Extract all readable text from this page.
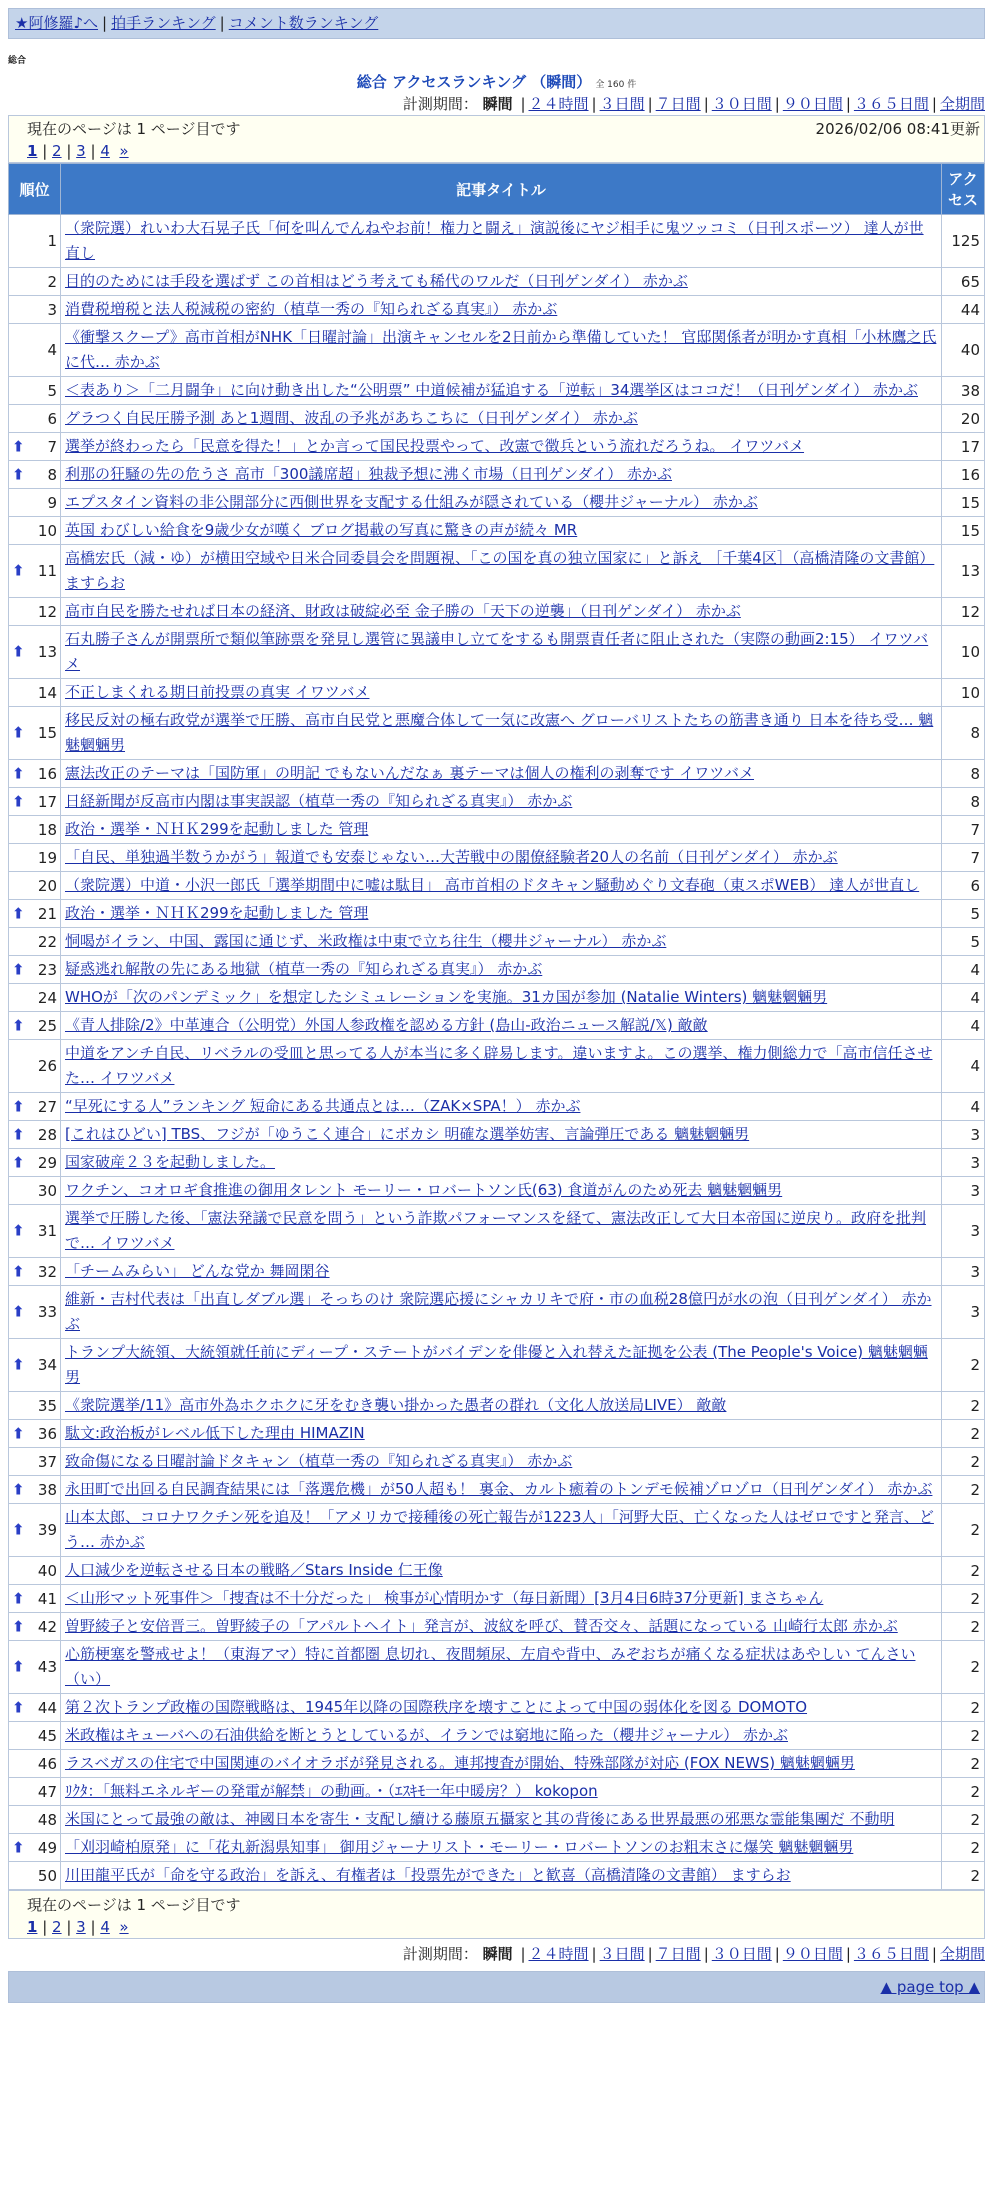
★阿修羅♪へ | 拍手ランキング | コメント数ランキング
総合
総合 アクセスランキング （瞬間） 全 160 件
計測期間： 瞬間 | ２４時間 | ３日間 | ７日間 | ３０日間 | ９０日間 | ３６５日間 | 全期間
現在のページは 1 ページ目です	2026/02/06 08:41更新
1 | 2 | 3 | 4 »
順位	記事タイトル	アクセス
1	（衆院選）れいわ大石晃子氏「何を叫んでんねやお前！権力と闘え」演説後にヤジ相手に鬼ツッコミ（日刊スポーツ） 達人が世直し	125
2	目的のためには手段を選ばず この首相はどう考えても稀代のワルだ（日刊ゲンダイ） 赤かぶ	65
3	消費税増税と法人税減税の密約（植草一秀の『知られざる真実』） 赤かぶ	44
4	《衝撃スクープ》高市首相がNHK「日曜討論」出演キャンセルを2日前から準備していた！ 官邸関係者が明かす真相「小林鷹之氏に代… 赤かぶ	40
5	＜表あり＞「二月闘争」に向け動き出した“公明票” 中道候補が猛追する「逆転」34選挙区はココだ！（日刊ゲンダイ） 赤かぶ	38
6	グラつく自民圧勝予測 あと1週間、波乱の予兆があちこちに（日刊ゲンダイ） 赤かぶ	20

⬆ 7	選挙が終わったら「民意を得た！」とか言って国民投票やって、改憲で徴兵という流れだろうね。 イワツバメ	17

⬆ 8	利那の狂騒の先の危うさ 高市「300議席超」独裁予想に沸く市場（日刊ゲンダイ） 赤かぶ	16
9	エプスタイン資料の非公開部分に西側世界を支配する仕組みが隠されている（櫻井ジャーナル） 赤かぶ	15
10	英国 わびしい給食を9歳少女が嘆く ブログ掲載の写真に驚きの声が続々 MR	15

⬆ 11	高橋宏氏（減・ゆ）が横田空域や日米合同委員会を問題視、「この国を真の独立国家に」と訴え ［千葉4区］（高橋清隆の文書館） ますらお	13
12	高市自民を勝たせれば日本の経済、財政は破綻必至 金子勝の「天下の逆襲」（日刊ゲンダイ） 赤かぶ	12

⬆ 13	石丸勝子さんが開票所で類似筆跡票を発見し選管に異議申し立てをするも開票責任者に阻止された（実際の動画2:15） イワツバメ	10
14	不正しまくれる期日前投票の真実 イワツバメ	10

⬆ 15	移民反対の極右政党が選挙で圧勝、高市自民党と悪魔合体して一気に改憲へ グローバリストたちの筋書き通り 日本を待ち受… 魑魅魍魎男	8

⬆ 16	憲法改正のテーマは「国防軍」の明記 でもないんだなぁ 裏テーマは個人の権利の剥奪です イワツバメ	8

⬆ 17	日経新聞が反高市内閣は事実誤認（植草一秀の『知られざる真実』） 赤かぶ	8
18	政治・選挙・ＮＨＫ299を起動しました 管理	7
19	「自民、単独過半数うかがう」報道でも安泰じゃない…大苦戦中の閣僚経験者20人の名前（日刊ゲンダイ） 赤かぶ	7
20	（衆院選）中道・小沢一郎氏「選挙期間中に嘘は駄目」 高市首相のドタキャン騒動めぐり文春砲（東スポWEB） 達人が世直し	6

⬆ 21	政治・選挙・ＮＨＫ299を起動しました 管理	5
22	恫喝がイラン、中国、露国に通じず、米政権は中東で立ち往生（櫻井ジャーナル） 赤かぶ	5

⬆ 23	疑惑逃れ解散の先にある地獄（植草一秀の『知られざる真実』） 赤かぶ	4
24	WHOが「次のパンデミック」を想定したシミュレーションを実施。31カ国が参加 (Natalie Winters) 魑魅魍魎男	4

⬆ 25	《青人排除/2》中革連合（公明党）外国人参政権を認める方針 (島山-政治ニュース解説/𝕏) 敵敵	4
26	中道をアンチ自民、リベラルの受皿と思ってる人が本当に多く辟易します。違いますよ。この選挙、権力側総力で「高市信任させた… イワツバメ	4

⬆ 27	“早死にする人”ランキング 短命にある共通点とは…（ZAK×SPA！） 赤かぶ	4

⬆ 28	[これはひどい] TBS、フジが「ゆうこく連合」にボカシ 明確な選挙妨害、言論弾圧である 魑魅魍魎男	3

⬆ 29	国家破産２３を起動しました。	3
30	ワクチン、コオロギ食推進の御用タレント モーリー・ロバートソン氏(63) 食道がんのため死去 魑魅魍魎男	3

⬆ 31	選挙で圧勝した後、「憲法発議で民意を問う」という詐欺パフォーマンスを経て、憲法改正して大日本帝国に逆戻り。政府を批判で… イワツバメ	3

⬆ 32	「チームみらい」 どんな党か 舞岡閑谷	3

⬆ 33	維新・吉村代表は「出直しダブル選」そっちのけ 衆院選応援にシャカリキで府・市の血税28億円が水の泡（日刊ゲンダイ） 赤かぶ	3

⬆ 34	トランプ大統領、大統領就任前にディープ・ステートがバイデンを俳優と入れ替えた証拠を公表 (The People's Voice) 魑魅魍魎男	2
35	《衆院選挙/11》高市外為ホクホクに牙をむき襲い掛かった愚者の群れ（文化人放送局LIVE） 敵敵	2

⬆ 36	駄文:政治板がレベル低下した理由 HIMAZIN	2
37	致命傷になる日曜討論ドタキャン（植草一秀の『知られざる真実』） 赤かぶ	2

⬆ 38	永田町で出回る自民調査結果には「落選危機」が50人超も！ 裏金、カルト癒着のトンデモ候補ゾロゾロ（日刊ゲンダイ） 赤かぶ	2

⬆ 39	山本太郎、コロナワクチン死を追及！「アメリカで接種後の死亡報告が1223人」「河野大臣、亡くなった人はゼロですと発言、どう… 赤かぶ	2
40	人口減少を逆転させる日本の戦略／Stars Inside 仁王像	2

⬆ 41	＜山形マット死事件＞「捜査は不十分だった」 検事が心情明かす（毎日新聞）[3月4日6時37分更新] まさちゃん	2

⬆ 42	曽野綾子と安倍晋三。曽野綾子の「アパルトヘイト」発言が、波紋を呼び、賛否交々、話題になっている 山崎行太郎 赤かぶ	2

⬆ 43	心筋梗塞を警戒せよ！（東海アマ）特に首都圏 息切れ、夜間頻尿、左肩や背中、みぞおちが痛くなる症状はあやしい てんさい（い）	2

⬆ 44	第２次トランプ政権の国際戦略は、1945年以降の国際秩序を壊すことによって中国の弱体化を図る DOMOTO	2
45	米政権はキューバへの石油供給を断とうとしているが、イランでは窮地に陥った（櫻井ジャーナル） 赤かぶ	2
46	ラスベガスの住宅で中国関連のバイオラボが発見される。連邦捜査が開始、特殊部隊が対応 (FOX NEWS) 魑魅魍魎男	2
47	ﾘｸﾀ：「無料エネルギーの発電が解禁」の動画。・（ｴｽｷﾓ一年中暖房？） kokopon	2
48	米国にとって最強の敵は、神國日本を寄生・支配し續ける藤原五攝家と其の背後にある世界最悪の邪悪な霊能集團だ 不動明	2

⬆ 49	「刈羽崎柏原発」に「花丸新潟県知事」 御用ジャーナリスト・モーリー・ロバートソンのお粗末さに爆笑 魑魅魍魎男	2
50	川田龍平氏が「命を守る政治」を訴え、有権者は「投票先ができた」と歓喜（高橋清隆の文書館） ますらお	2
現在のページは 1 ページ目です
1 | 2 | 3 | 4 »
計測期間： 瞬間 | ２４時間 | ３日間 | ７日間 | ３０日間 | ９０日間 | ３６５日間 | 全期間
▲ page top ▲
